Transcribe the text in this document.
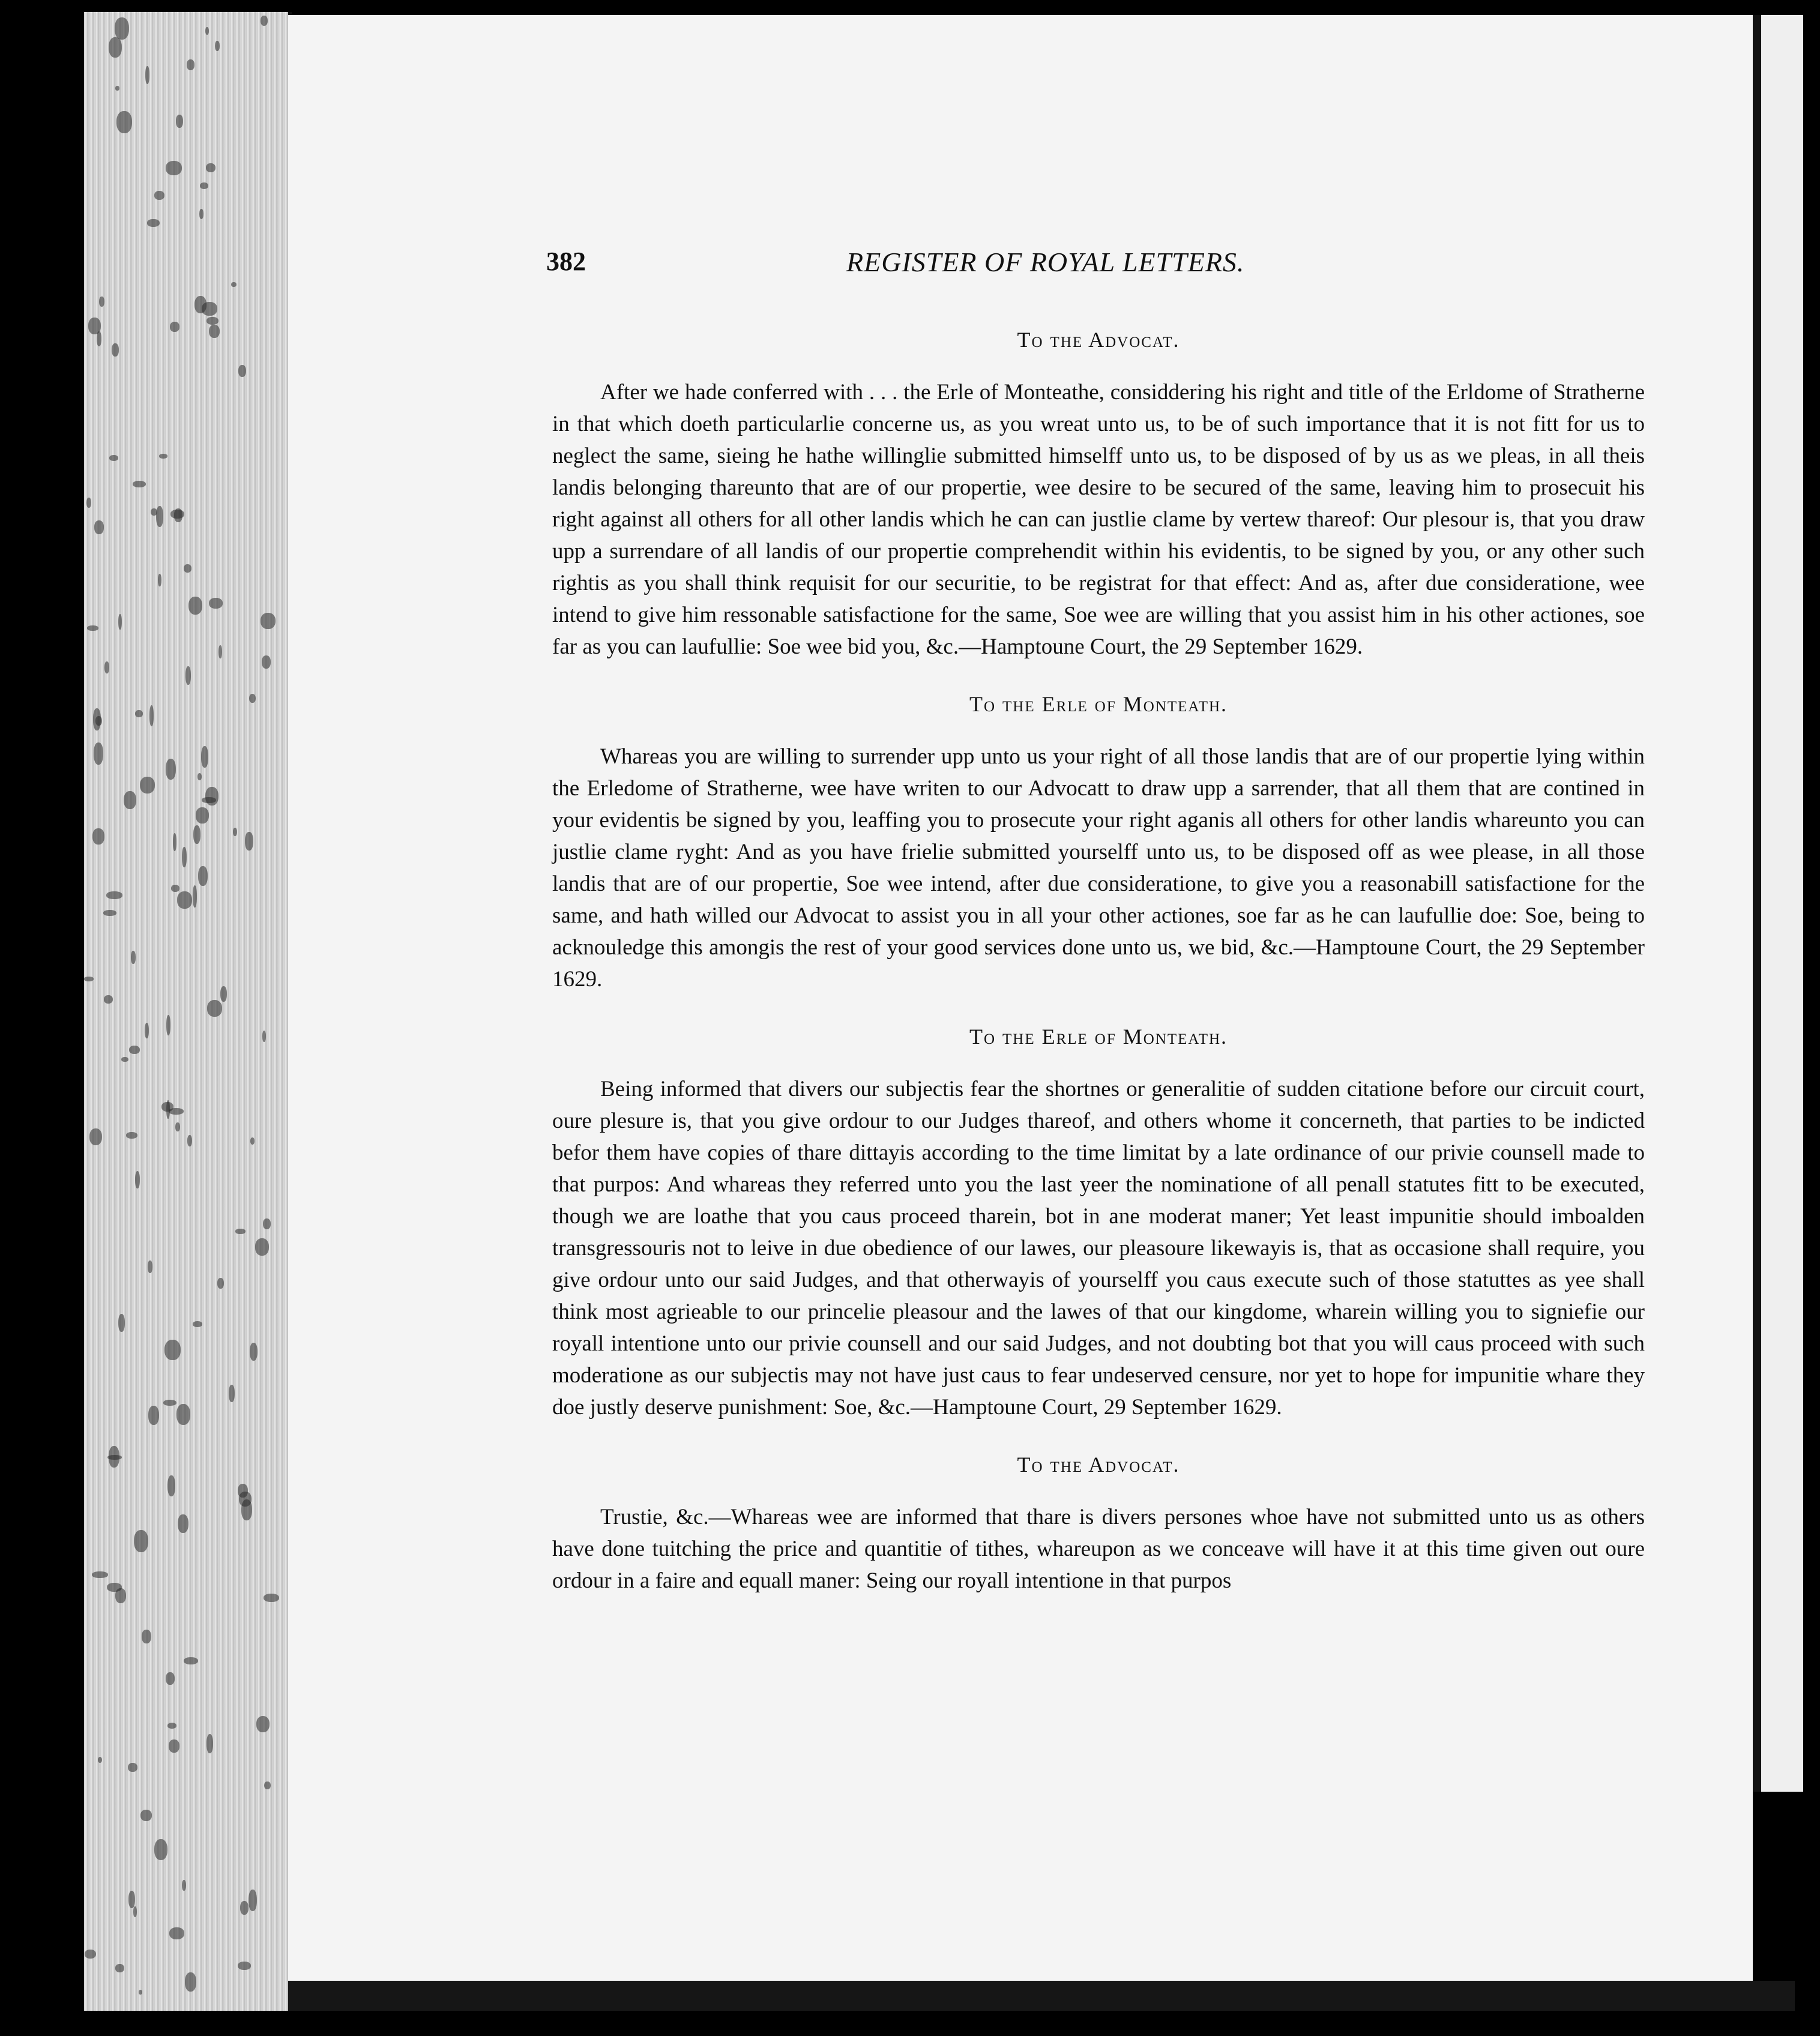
382	REGISTER OF ROYAL LETTERS.
To the Advocat.

After we hade conferred with . . . the Erle of Monteathe, considdering his right and title of the Erldome of Stratherne in that which doeth particularlie concerne us, as you wreat unto us, to be of such importance that it is not fitt for us to neglect the same, sieing he hathe willinglie submitted himselff unto us, to be disposed of by us as we pleas, in all theis landis belonging thareunto that are of our propertie, wee desire to be secured of the same, leaving him to prosecuit his right against all others for all other landis which he can can justlie clame by vertew thareof: Our plesour is, that you draw upp a surrendare of all landis of our propertie comprehendit within his evidentis, to be signed by you, or any other such rightis as you shall think requisit for our securitie, to be registrat for that effect: And as, after due consideratione, wee intend to give him ressonable satisfactione for the same, Soe wee are willing that you assist him in his other actiones, soe far as you can laufullie: Soe wee bid you, &c.—Hamptoune Court, the 29 September 1629.

To the Erle of Monteath.

Whareas you are willing to surrender upp unto us your right of all those landis that are of our propertie lying within the Erledome of Stratherne, wee have writen to our Advocatt to draw upp a sarrender, that all them that are contined in your evidentis be signed by you, leaffing you to prosecute your right aganis all others for other landis whareunto you can justlie clame ryght: And as you have frielie submitted yourselff unto us, to be disposed off as wee please, in all those landis that are of our propertie, Soe wee intend, after due consideratione, to give you a reasonabill satisfactione for the same, and hath willed our Advocat to assist you in all your other actiones, soe far as he can laufullie doe: Soe, being to acknouledge this amongis the rest of your good services done unto us, we bid, &c.—Hamptoune Court, the 29 September 1629.

To the Erle of Monteath.

Being informed that divers our subjectis fear the shortnes or generalitie of sudden citatione before our circuit court, oure plesure is, that you give ordour to our Judges thareof, and others whome it concerneth, that parties to be indicted befor them have copies of thare dittayis according to the time limitat by a late ordinance of our privie counsell made to that purpos: And whareas they referred unto you the last yeer the nominatione of all penall statutes fitt to be executed, though we are loathe that you caus proceed tharein, bot in ane moderat maner; Yet least impunitie should imboalden transgressouris not to leive in due obedience of our lawes, our pleasoure likewayis is, that as occasione shall require, you give ordour unto our said Judges, and that otherwayis of yourselff you caus execute such of those statuttes as yee shall think most agrieable to our princelie pleasour and the lawes of that our kingdome, wharein willing you to signiefie our royall intentione unto our privie counsell and our said Judges, and not doubting bot that you will caus proceed with such moderatione as our subjectis may not have just caus to fear undeserved censure, nor yet to hope for impunitie whare they doe justly deserve punishment: Soe, &c.—Hamptoune Court, 29 September 1629.

To the Advocat.

Trustie, &c.—Whareas wee are informed that thare is divers persones whoe have not submitted unto us as others have done tuitching the price and quantitie of tithes, whareupon as we conceave will have it at this time given out oure ordour in a faire and equall maner: Seing our royall intentione in that purpos
